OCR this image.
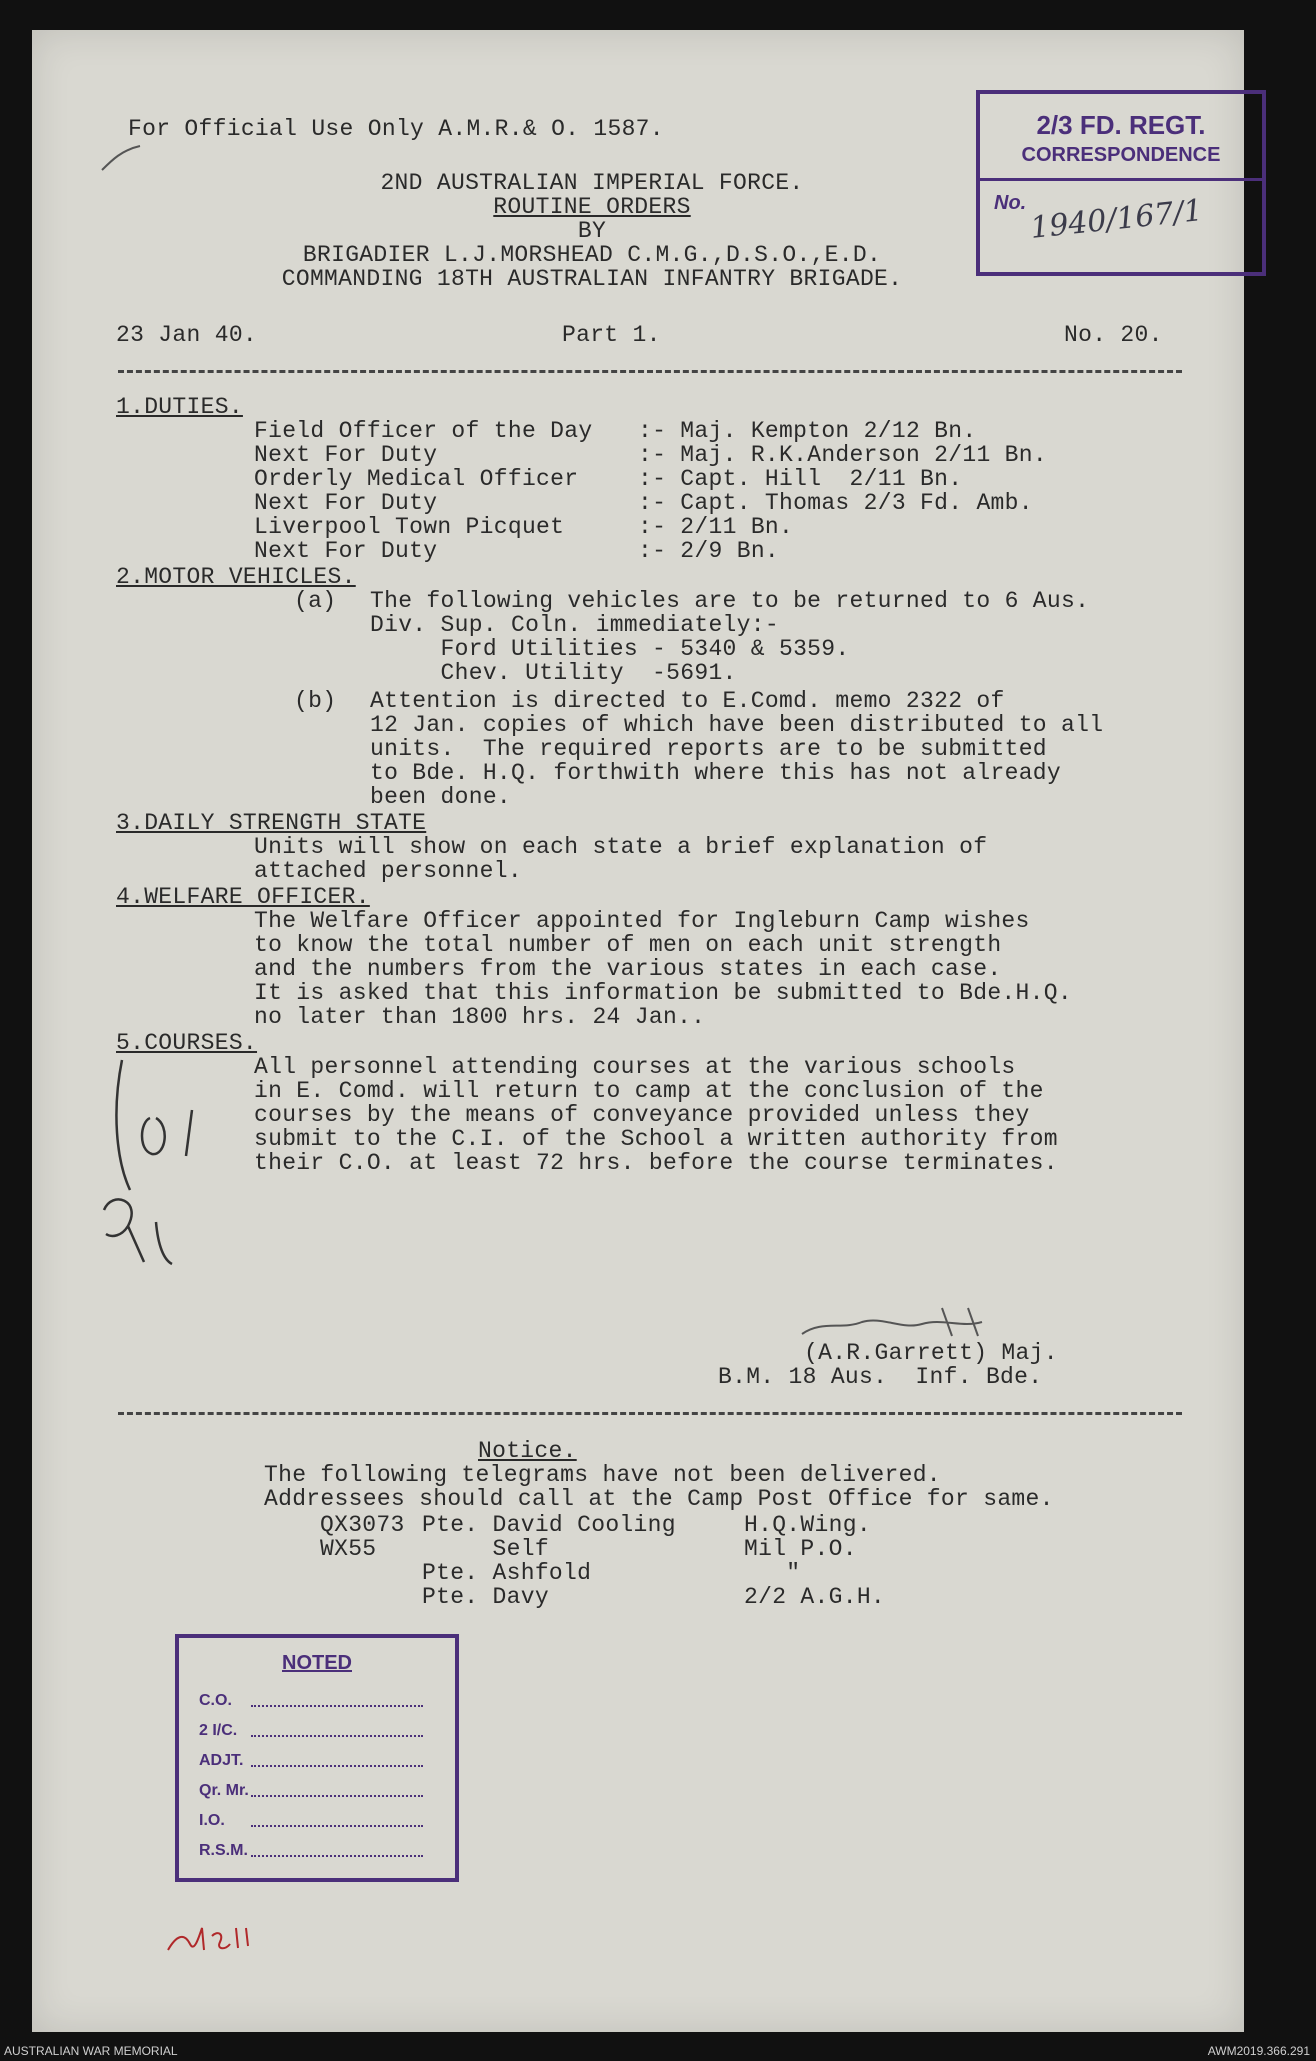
For Official Use Only A.M.R.& O. 1587.
2ND AUSTRALIAN IMPERIAL FORCE.
ROUTINE ORDERS
BY
BRIGADIER L.J.MORSHEAD C.M.G.,D.S.O.,E.D.
COMMANDING 18TH AUSTRALIAN INFANTRY BRIGADE.
23 Jan 40.	Part 1.	No. 20.
2/3 FD. REGT.
CORRESPONDENCE
No. 1940/167/1
1.DUTIES.
Field Officer of the Day :- Maj. Kempton 2/12 Bn.
Next For Duty	:- Maj. R.K.Anderson 2/11 Bn.
Orderly Medical Officer	:- Capt. Hill  2/11 Bn.
Next For Duty	:- Capt. Thomas 2/3 Fd. Amb.
Liverpool Town Picquet	:- 2/11 Bn.
Next For Duty	:- 2/9 Bn.
2.MOTOR VEHICLES.
(a) The following vehicles are to be returned to 6 Aus.
Div. Sup. Coln. immediately:-
Ford Utilities - 5340 & 5359.
Chev. Utility  -5691.
(b) Attention is directed to E.Comd. memo 2322 of
12 Jan. copies of which have been distributed to all
units.  The required reports are to be submitted
to Bde. H.Q. forthwith where this has not already
been done.
3.DAILY STRENGTH STATE
Units will show on each state a brief explanation of
attached personnel.
4.WELFARE OFFICER.
The Welfare Officer appointed for Ingleburn Camp wishes
to know the total number of men on each unit strength
and the numbers from the various states in each case.
It is asked that this information be submitted to Bde.H.Q.
no later than 1800 hrs. 24 Jan..
5.COURSES.
All personnel attending courses at the various schools
in E. Comd. will return to camp at the conclusion of the
courses by the means of conveyance provided unless they
submit to the C.I. of the School a written authority from
their C.O. at least 72 hrs. before the course terminates.
(A.R.Garrett) Maj.
B.M. 18 Aus.  Inf. Bde.
Notice.
The following telegrams have not been delivered.
Addressees should call at the Camp Post Office for same.
QX3073 Pte. David Cooling	H.Q.Wing.
WX55 Self	Mil P.O.
Pte. Ashfold	"
Pte. Davy	2/2 A.G.H.
NOTED
C.O.
2 I/C.
ADJT.
Qr. Mr.
I.O.
R.S.M.
AUSTRALIAN WAR MEMORIAL	AWM2019.366.291
